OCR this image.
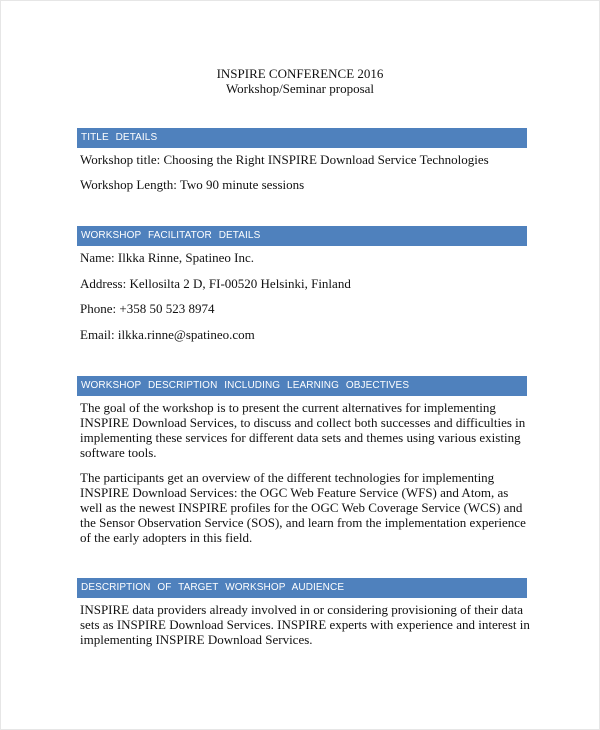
INSPIRE CONFERENCE 2016
Workshop/Seminar proposal
TITLE DETAILS
Workshop title: Choosing the Right INSPIRE Download Service Technologies
Workshop Length: Two 90 minute sessions
WORKSHOP FACILITATOR DETAILS
Name: Ilkka Rinne, Spatineo Inc.
Address: Kellosilta 2 D, FI-00520 Helsinki, Finland
Phone: +358 50 523 8974
Email: ilkka.rinne@spatineo.com
WORKSHOP DESCRIPTION INCLUDING LEARNING OBJECTIVES
The goal of the workshop is to present the current alternatives for implementing INSPIRE Download Services, to discuss and collect both successes and difficulties in implementing these services for different data sets and themes using various existing software tools.
The participants get an overview of the different technologies for implementing INSPIRE Download Services: the OGC Web Feature Service (WFS) and Atom, as well as the newest INSPIRE profiles for the OGC Web Coverage Service (WCS) and the Sensor Observation Service (SOS), and learn from the implementation experience of the early adopters in this field.
DESCRIPTION OF TARGET WORKSHOP AUDIENCE
INSPIRE data providers already involved in or considering provisioning of their data sets as INSPIRE Download Services. INSPIRE experts with experience and interest in implementing INSPIRE Download Services.
